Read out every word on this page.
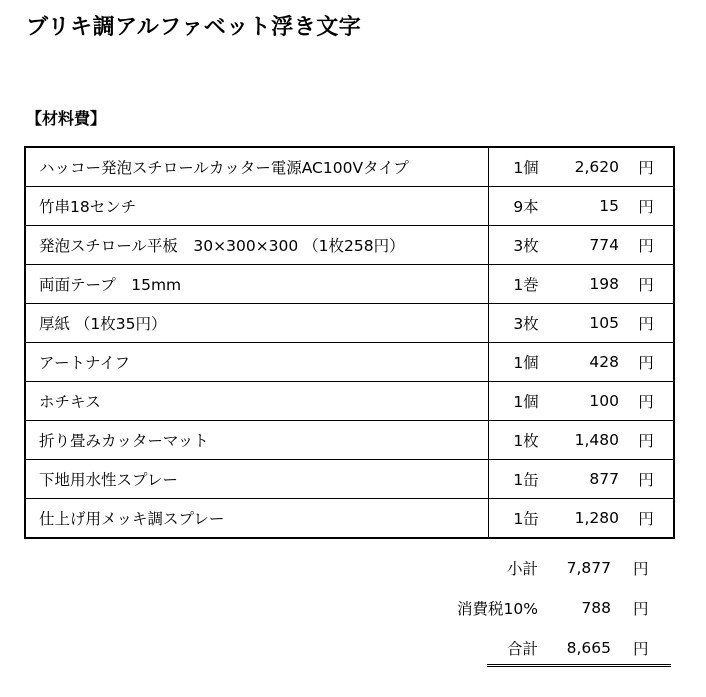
ブリキ調アルファベット浮き文字
【材料費】
ハッコー発泡スチロールカッター電源AC100Vタイプ	1個	2,620	円
竹串18センチ	9本	15	円
発泡スチロール平板　30×300×300 （1枚258円）	3枚	774	円
両面テープ　15mm	1巻	198	円
厚紙 （1枚35円）	3枚	105	円
アートナイフ	1個	428	円
ホチキス	1個	100	円
折り畳みカッターマット	1枚	1,480	円
下地用水性スプレー	1缶	877	円
仕上げ用メッキ調スプレー	1缶	1,280	円
小計 7,877 円
消費税10%	788 円
合計 8,665 円
